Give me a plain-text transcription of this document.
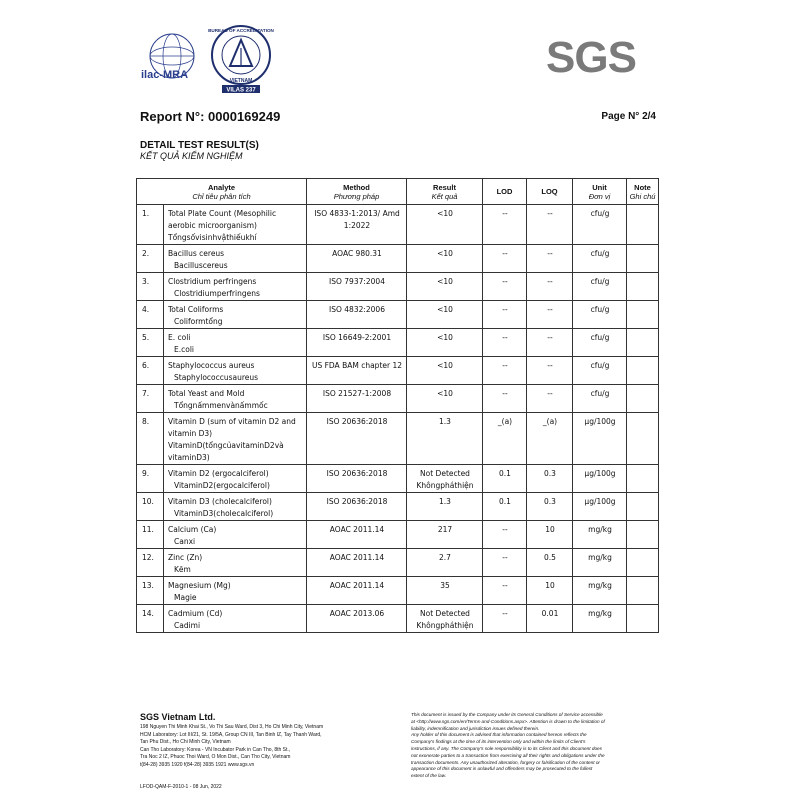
ilac-MRA
BUREAU OF ACCREDITATION
VIETNAM
VILAS 237
SGS
Report N°: 0000169249	Page N° 2/4
DETAIL TEST RESULT(S)
KẾT QUẢ KIỂM NGHIỆM
Analyte
Chỉ tiêu phân tích		Method
Phương pháp	Result
Kết quả	LOD	LOQ	Unit
Đơn vị	Note
Ghi chú

1.	Total Plate Count (Mesophilic
aerobic microorganism)
Tổngsốvisinhvậthiếukhí	ISO 4833-1:2013/ Amd
1:2022	<10	--	--	cfu/g	

2.	Bacillus cereus
Bacilluscereus	AOAC 980.31	<10	--	--	cfu/g	

3.	Clostridium perfringens
Clostridiumperfringens	ISO 7937:2004	<10	--	--	cfu/g	

4.	Total Coliforms
Coliformtổng	ISO 4832:2006	<10	--	--	cfu/g	

5.	E. coli
E.coli	ISO 16649-2:2001	<10	--	--	cfu/g	

6.	Staphylococcus aureus
Staphylococcusaureus	US FDA BAM chapter 12	<10	--	--	cfu/g	

7.	Total Yeast and Mold
Tổngnấmmenvànấmmốc	ISO 21527-1:2008	<10	--	--	cfu/g	

8.	Vitamin D (sum of vitamin D2 and
vitamin D3)
VitaminD(tổngcủavitaminD2và
vitaminD3)	ISO 20636:2018	1.3	_(a)	_(a)	µg/100g	

9.	Vitamin D2 (ergocalciferol)
VitaminD2(ergocalciferol)	ISO 20636:2018	Not Detected
Khôngpháthiện	0.1	0.3	µg/100g	

10.	Vitamin D3 (cholecalciferol)
VitaminD3(cholecalciferol)	ISO 20636:2018	1.3	0.1	0.3	µg/100g	

11.	Calcium (Ca)
Canxi	AOAC 2011.14	217	--	10	mg/kg	

12.	Zinc (Zn)
Kẽm	AOAC 2011.14	2.7	--	0.5	mg/kg	

13.	Magnesium (Mg)
Magie	AOAC 2011.14	35	--	10	mg/kg	

14.	Cadmium (Cd)
Cadimi	AOAC 2013.06	Not Detected
Khôngpháthiện	--	0.01	mg/kg	

SGS Vietnam Ltd.
198 Nguyen Thi Minh Khai St., Vo Thi Sau Ward, Dist 3, Ho Chi Minh City, Vietnam
HCM Laboratory: Lot III/21, St. 19/5A, Group CN III, Tan Binh IZ, Tay Thanh Ward,
Tan Phu Dist., Ho Chi Minh City, Vietnam
Can Tho Laboratory: Korea - VN Incubator Park in Can Tho, 8th St.,
Tra Noc 2 IZ, Phuoc Thoi Ward, O Mon Dist., Can Tho City, Vietnam
t(84-28) 3935 1920 f(84-28) 3935 1921 www.sgs.vn
This document is issued by the Company under its General Conditions of Service accessible
at <http://www.sgs.com/en/Terms-and-Conditions.aspx>. Attention is drawn to the limitation of
liability, indemnification and jurisdiction issues defined therein.
Any holder of this document is advised that information contained hereon reflects the
Company's findings at the time of its intervention only and within the limits of Client's
instructions, if any. The Company's sole responsibility is to its Client and this document does
not exonerate parties to a transaction from exercising all their rights and obligations under the
transaction documents. Any unauthorized alteration, forgery or falsification of the content or
appearance of this document is unlawful and offenders may be prosecuted to the fullest
extent of the law.
LFOD-QAM-F-2010-1 - 08 Jun, 2022
